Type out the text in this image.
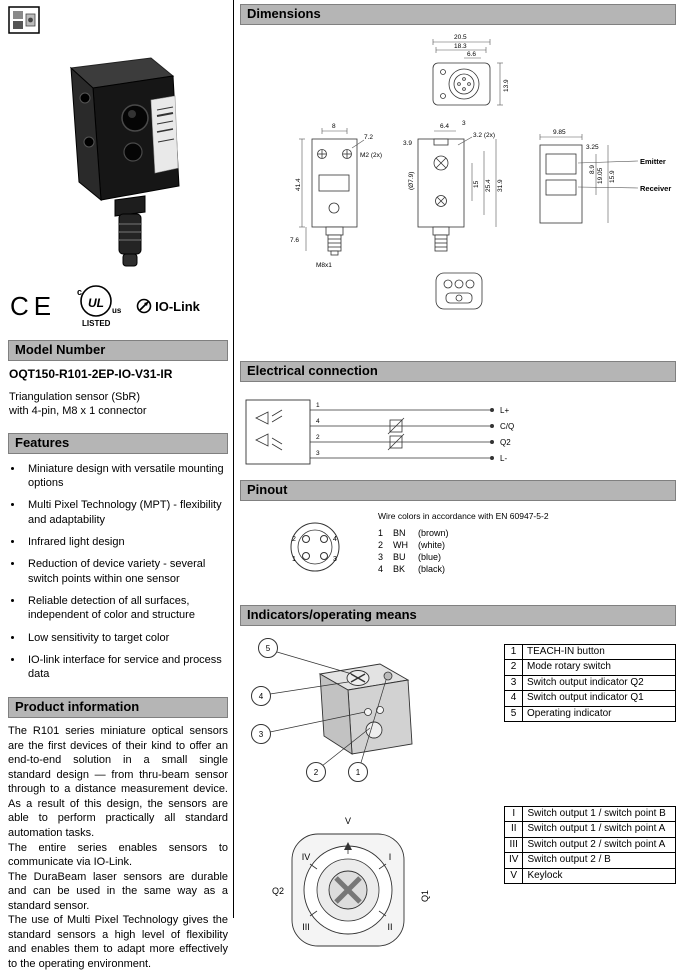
CE c
UL
us
LISTED
IO-Link
Model Number
OQT150-R101-2EP-IO-V31-IR
Triangulation sensor (SbR)
with 4-pin, M8 x 1 connector
Features
• Miniature design with versatile mounting options
• Multi Pixel Technology (MPT) - flexibility and adaptability
• Infrared light design
• Reduction of device variety - several switch points within one sensor
• Reliable detection of all surfaces, independent of color and structure
• Low sensitivity to target color
• IO-link interface for service and process data
Product information

The R101 series miniature optical sensors are the first devices of their kind to offer an end-to-end solution in a small single standard design — from thru-beam sensor through to a distance measurement device. As a result of this design, the sensors are able to perform practically all standard automation tasks.

The entire series enables sensors to communicate via IO-Link.

The DuraBeam laser sensors are durable and can be used in the same way as a standard sensor.

The use of Multi Pixel Technology gives the standard sensors a high level of flexibility and enables them to adapt more effectively to the operating environment.

Dimensions
20.5
18.3
6.6
13.9
8
7.2
M2 (2x)
41.4
7.6
M8x1
6.4 3
3.2 (2x)
(Ø7.9)
3.9
15 25.4 31.9
9.85
3.25
8.9 19.05 15.9
Emitter
Receiver
Electrical connection
1
4
2
3
L+
C/Q
Q2
L-
Pinout
2	4
1	3
Wire colors in accordance with EN 60947-5-2
1	BN	(brown)
2	WH	(white)
3	BU	(blue)
4	BK	(black)
Indicators/operating means
5
4
3
2	1
1	TEACH-IN button
2	Mode rotary switch
3	Switch output indicator Q2
4	Switch output indicator Q1
5	Operating indicator
V
IV	I
Q2	Q1
III	II
I	Switch output 1 / switch point B
II	Switch output 1 / switch point A
III	Switch output 2 / switch point A
IV	Switch output 2 / B
V	Keylock
